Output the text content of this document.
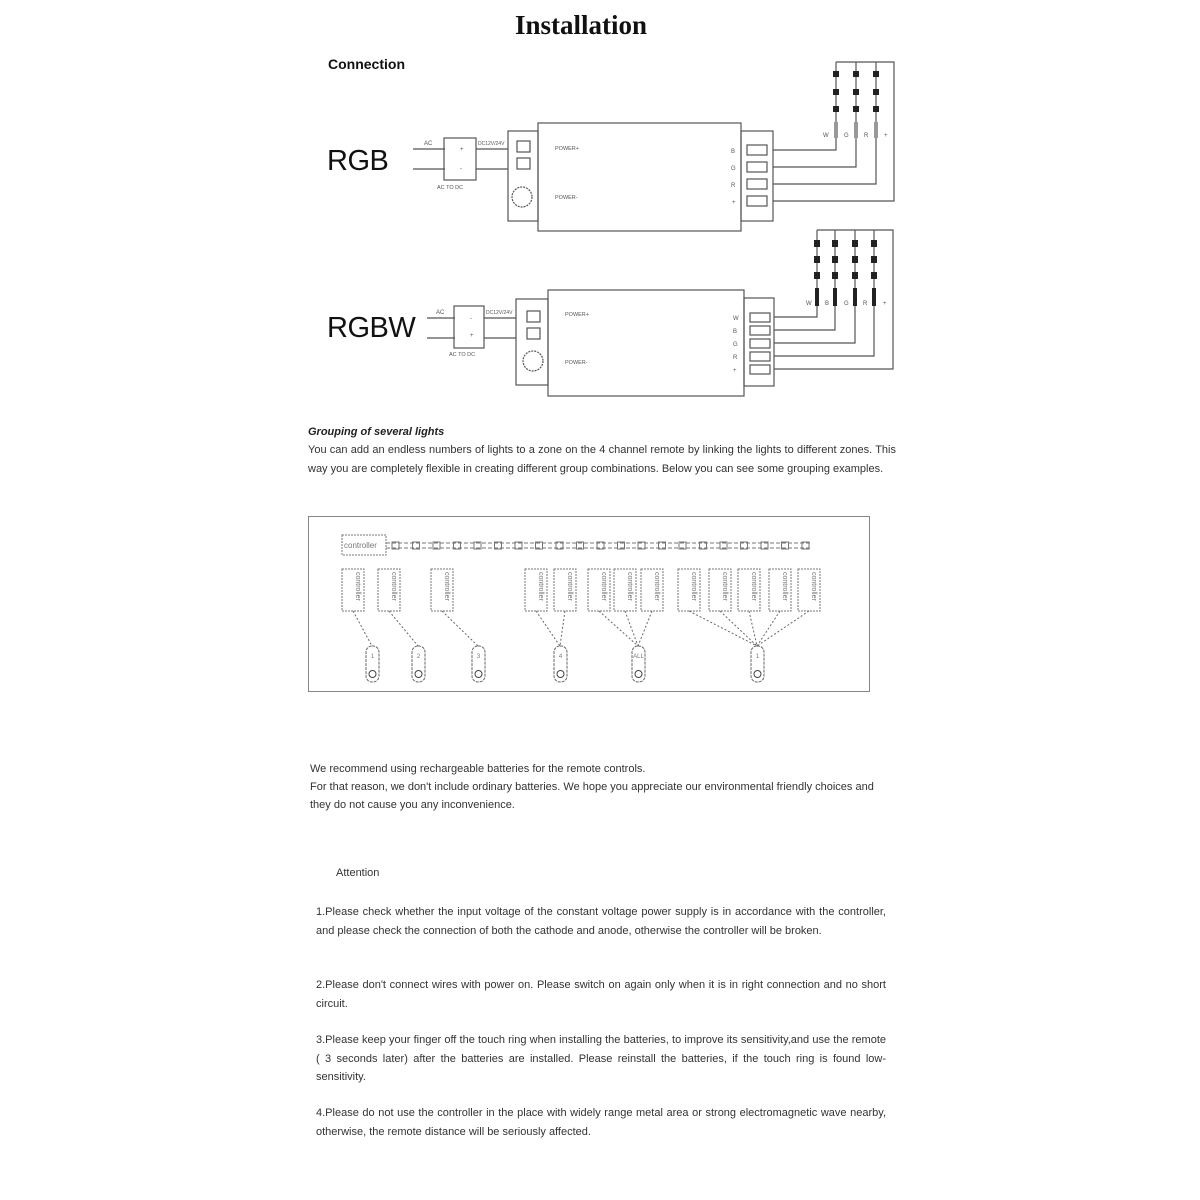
Installation
Connection
RGB
RGBW
AC	DC12V/24V
+
-
AC TO DC
POWER+
POWER-
B
G
R
+
W	G	R	+
AC	DC12V/24V
-
+
AC TO DC
POWER+
POWER-
W
B
G
R
+
W B G R	+
Grouping of several lights
You can add an endless numbers of lights to a zone on the 4 channel remote by linking the lights to different zones. This way you are completely flexible in creating different group combinations. Below you can see some grouping examples.
controller
controller
1
controller
2
controller
3
controller	controller
4
controller	controller	controller
ALL
controller	controller	controller	controller	controller
1
We recommend using rechargeable batteries for the remote controls.
For that reason, we don't include ordinary batteries. We hope you appreciate our environmental friendly choices and they do not cause you any inconvenience.
Attention
1.Please check whether the input voltage of the constant voltage power supply is in accordance with the controller, and please check the connection of both the cathode and anode, otherwise the controller will be broken.
2.Please don't connect wires with power on. Please switch on again only when it is in right connection and no short circuit.
3.Please keep your finger off the touch ring when installing the batteries, to improve its sensitivity,and use the remote ( 3 seconds later) after the batteries are installed. Please reinstall the batteries, if the touch ring is found low-sensitivity.
4.Please do not use the controller in the place with widely range metal area or strong electromagnetic wave nearby, otherwise, the remote distance will be seriously affected.
